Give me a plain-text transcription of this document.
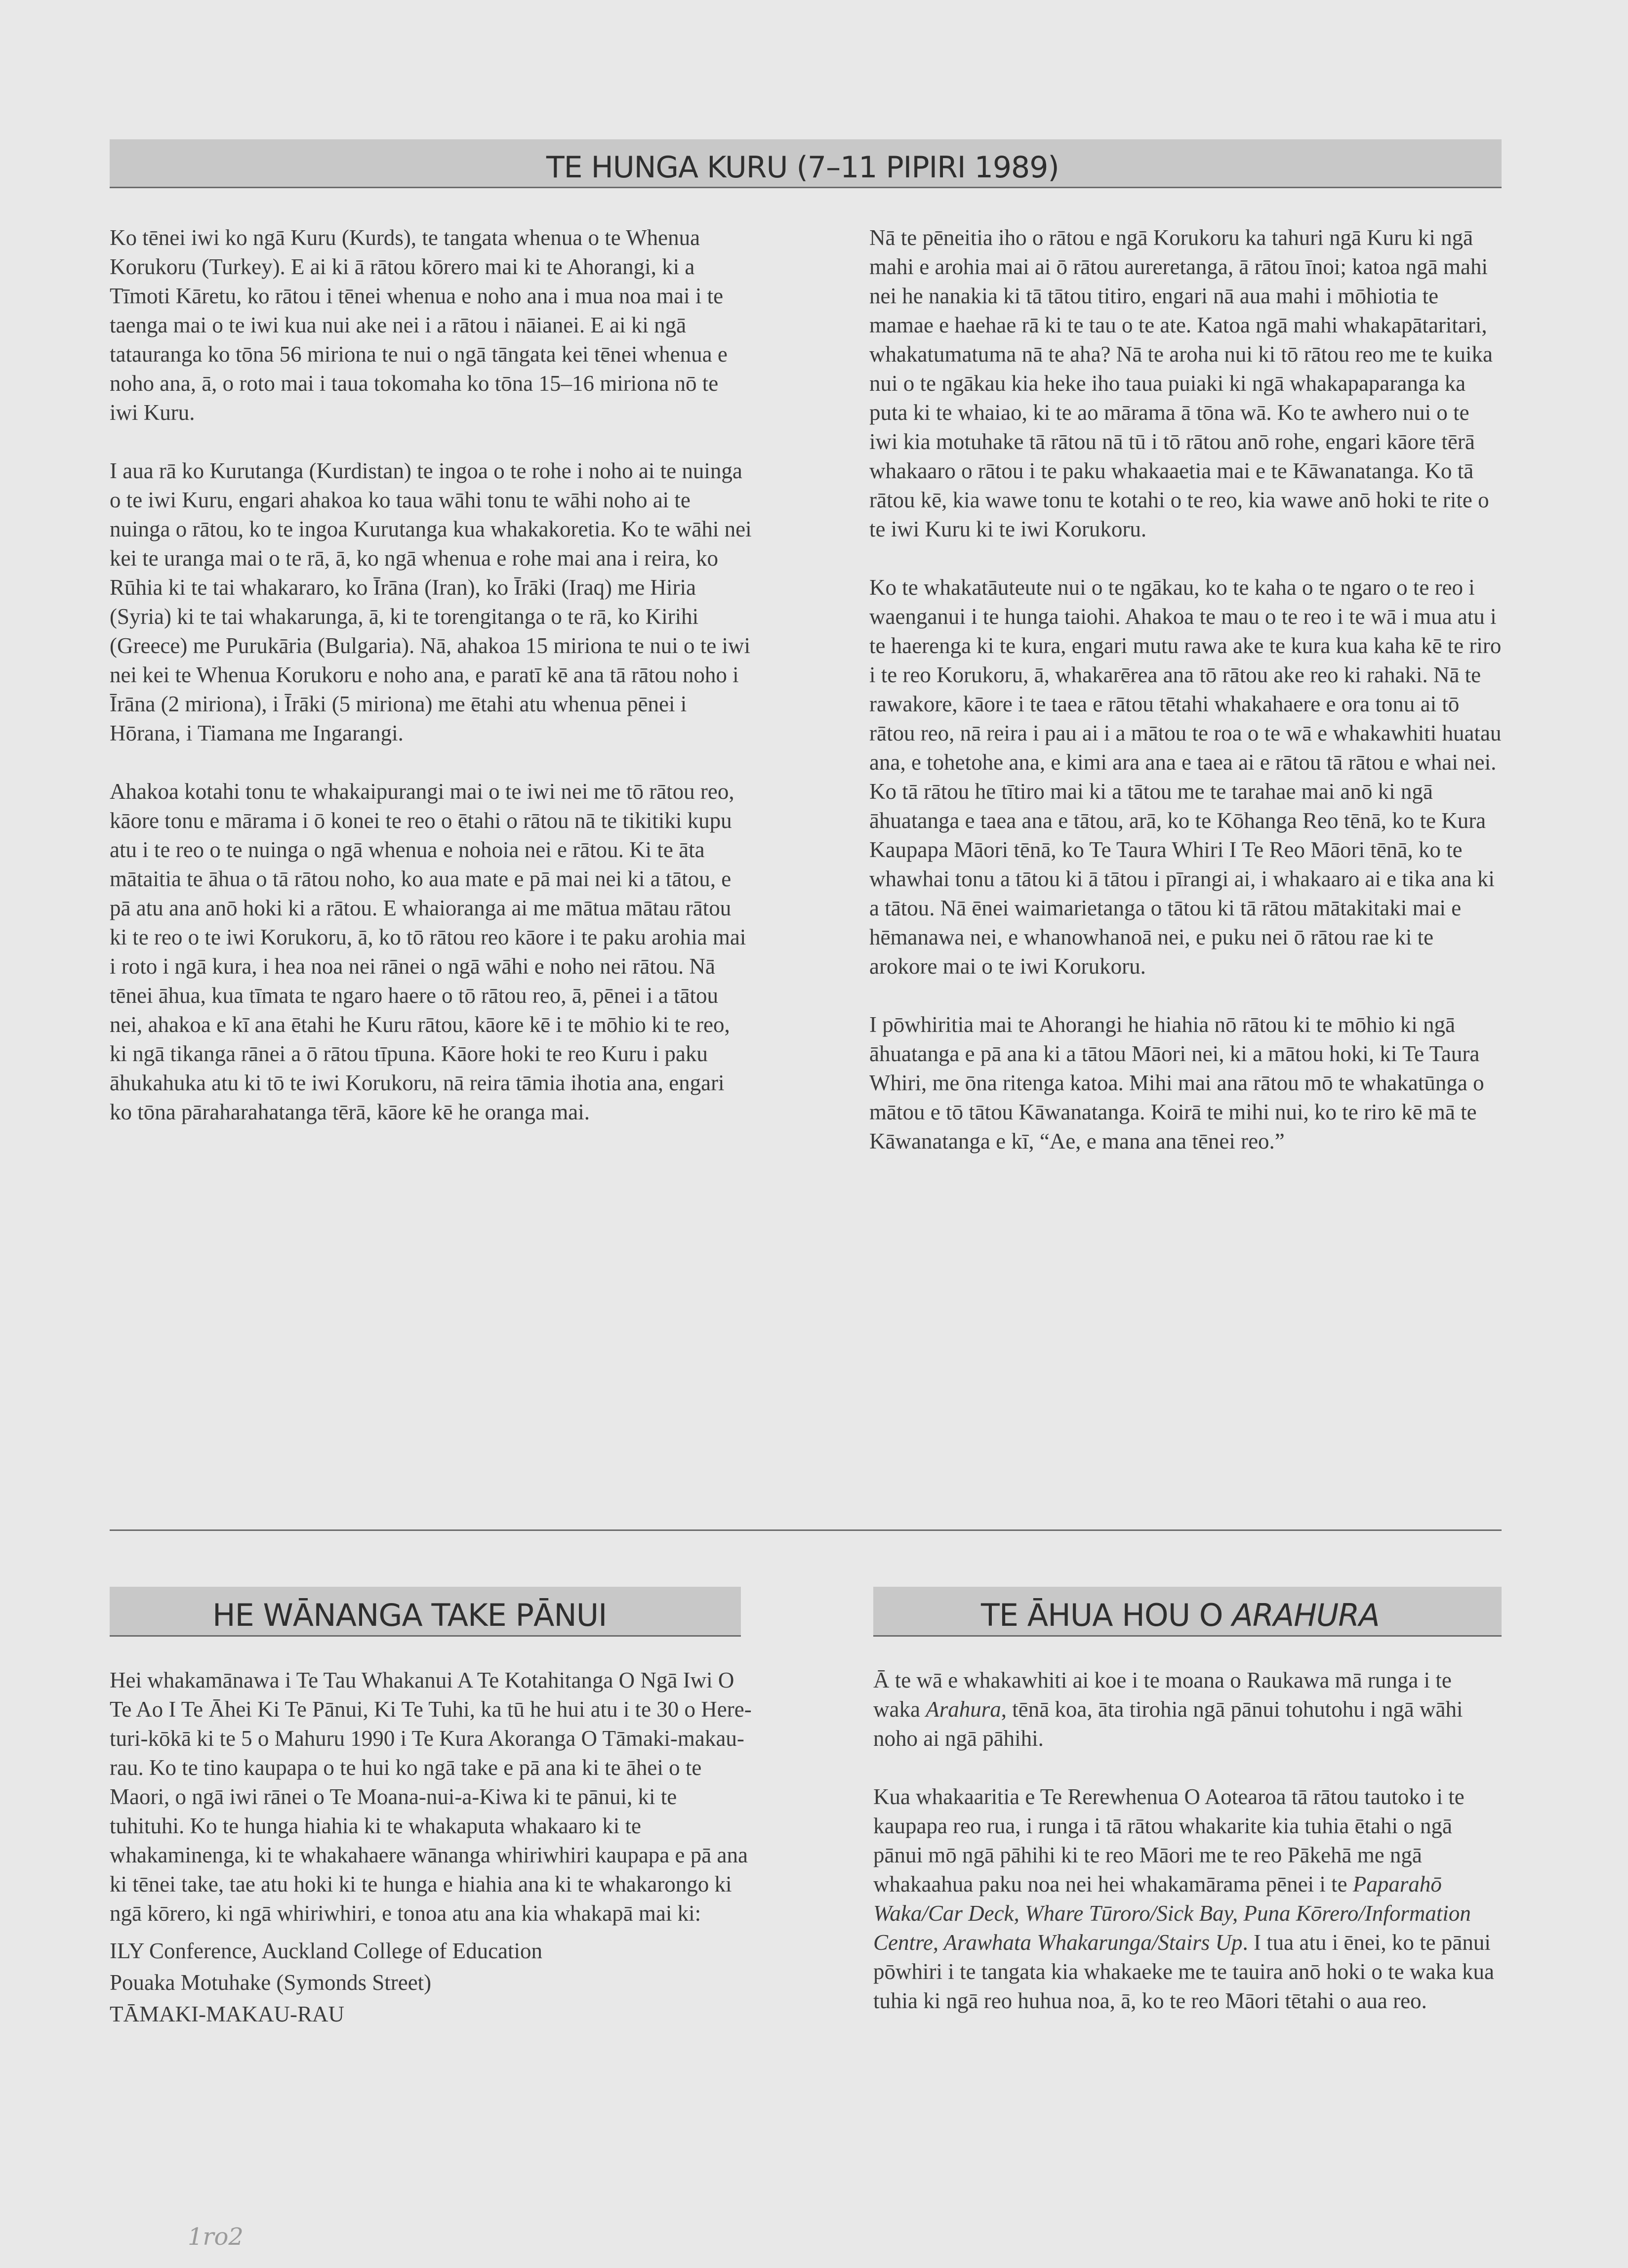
TE HUNGA KURU (7–11 PIPIRI 1989)

Ko tēnei iwi ko ngā Kuru (Kurds), te tangata whenua o te Whenua Korukoru (Turkey). E ai ki ā rātou kōrero mai ki te Ahorangi, ki a Tīmoti Kāretu, ko rātou i tēnei whenua e noho ana i mua noa mai i te taenga mai o te iwi kua nui ake nei i a rātou i nāianei. E ai ki ngā tatauranga ko tōna 56 miriona te nui o ngā tāngata kei tēnei whenua e noho ana, ā, o roto mai i taua tokomaha ko tōna 15–16 miriona nō te iwi Kuru.

I aua rā ko Kurutanga (Kurdistan) te ingoa o te rohe i noho ai te nuinga o te iwi Kuru, engari ahakoa ko taua wāhi tonu te wāhi noho ai te nuinga o rātou, ko te ingoa Kurutanga kua whakakoretia. Ko te wāhi nei kei te uranga mai o te rā, ā, ko ngā whenua e rohe mai ana i reira, ko Rūhia ki te tai whakararo, ko Īrāna (Iran), ko Īrāki (Iraq) me Hiria (Syria) ki te tai whakarunga, ā, ki te torengitanga o te rā, ko Kirihi (Greece) me Purukāria (Bulgaria). Nā, ahakoa 15 miriona te nui o te iwi nei kei te Whenua Korukoru e noho ana, e paratī kē ana tā rātou noho i Īrāna (2 miriona), i Īrāki (5 miriona) me ētahi atu whenua pēnei i Hōrana, i Tiamana me Ingarangi.

Ahakoa kotahi tonu te whakaipurangi mai o te iwi nei me tō rātou reo, kāore tonu e mārama i ō konei te reo o ētahi o rātou nā te tikitiki kupu atu i te reo o te nuinga o ngā whenua e nohoia nei e rātou. Ki te āta mātaitia te āhua o tā rātou noho, ko aua mate e pā mai nei ki a tātou, e pā atu ana anō hoki ki a rātou. E whaioranga ai me mātua mātau rātou ki te reo o te iwi Korukoru, ā, ko tō rātou reo kāore i te paku arohia mai i roto i ngā kura, i hea noa nei rānei o ngā wāhi e noho nei rātou. Nā tēnei āhua, kua tīmata te ngaro haere o tō rātou reo, ā, pēnei i a tātou nei, ahakoa e kī ana ētahi he Kuru rātou, kāore kē i te mōhio ki te reo, ki ngā tikanga rānei a ō rātou tīpuna. Kāore hoki te reo Kuru i paku āhukahuka atu ki tō te iwi Korukoru, nā reira tāmia ihotia ana, engari ko tōna pāraharahatanga tērā, kāore kē he oranga mai.

Nā te pēneitia iho o rātou e ngā Korukoru ka tahuri ngā Kuru ki ngā mahi e arohia mai ai ō rātou aureretanga, ā rātou īnoi; katoa ngā mahi nei he nanakia ki tā tātou titiro, engari nā aua mahi i mōhiotia te mamae e haehae rā ki te tau o te ate. Katoa ngā mahi whakapātaritari, whakatumatuma nā te aha? Nā te aroha nui ki tō rātou reo me te kuika nui o te ngākau kia heke iho taua puiaki ki ngā whakapaparanga ka puta ki te whaiao, ki te ao mārama ā tōna wā. Ko te awhero nui o te iwi kia motuhake tā rātou nā tū i tō rātou anō rohe, engari kāore tērā whakaaro o rātou i te paku whakaaetia mai e te Kāwanatanga. Ko tā rātou kē, kia wawe tonu te kotahi o te reo, kia wawe anō hoki te rite o te iwi Kuru ki te iwi Korukoru.

Ko te whakatāuteute nui o te ngākau, ko te kaha o te ngaro o te reo i waenganui i te hunga taiohi. Ahakoa te mau o te reo i te wā i mua atu i te haerenga ki te kura, engari mutu rawa ake te kura kua kaha kē te riro i te reo Korukoru, ā, whakarērea ana tō rātou ake reo ki rahaki. Nā te rawakore, kāore i te taea e rātou tētahi whakahaere e ora tonu ai tō rātou reo, nā reira i pau ai i a mātou te roa o te wā e whakawhiti huatau ana, e tohetohe ana, e kimi ara ana e taea ai e rātou tā rātou e whai nei. Ko tā rātou he tītiro mai ki a tātou me te tarahae mai anō ki ngā āhuatanga e taea ana e tātou, arā, ko te Kōhanga Reo tēnā, ko te Kura Kaupapa Māori tēnā, ko Te Taura Whiri I Te Reo Māori tēnā, ko te whawhai tonu a tātou ki ā tātou i pīrangi ai, i whakaaro ai e tika ana ki a tātou. Nā ēnei waimarietanga o tātou ki tā rātou mātakitaki mai e hēmanawa nei, e whanowhanoā nei, e puku nei ō rātou rae ki te arokore mai o te iwi Korukoru.

I pōwhiritia mai te Ahorangi he hiahia nō rātou ki te mōhio ki ngā āhuatanga e pā ana ki a tātou Māori nei, ki a mātou hoki, ki Te Taura Whiri, me ōna ritenga katoa. Mihi mai ana rātou mō te whakatūnga o mātou e tō tātou Kāwanatanga. Koirā te mihi nui, ko te riro kē mā te Kāwanatanga e kī, “Ae, e mana ana tēnei reo.”

HE WĀNANGA TAKE PĀNUI

Hei whakamānawa i Te Tau Whakanui A Te Kotahitanga O Ngā Iwi O Te Ao I Te Āhei Ki Te Pānui, Ki Te Tuhi, ka tū he hui atu i te 30 o Here-turi-kōkā ki te 5 o Mahuru 1990 i Te Kura Akoranga O Tāmaki-makau-rau. Ko te tino kaupapa o te hui ko ngā take e pā ana ki te āhei o te Maori, o ngā iwi rānei o Te Moana-nui-a-Kiwa ki te pānui, ki te tuhituhi. Ko te hunga hiahia ki te whakaputa whakaaro ki te whakaminenga, ki te whakahaere wānanga whiriwhiri kaupapa e pā ana ki tēnei take, tae atu hoki ki te hunga e hiahia ana ki te whakarongo ki ngā kōrero, ki ngā whiriwhiri, e tonoa atu ana kia whakapā mai ki:

ILY Conference, Auckland College of Education
Pouaka Motuhake (Symonds Street)
TĀMAKI-MAKAU-RAU
TE ĀHUA HOU O ARAHURA

Ā te wā e whakawhiti ai koe i te moana o Raukawa mā runga i te waka Arahura, tēnā koa, āta tirohia ngā pānui tohutohu i ngā wāhi noho ai ngā pāhihi.

Kua whakaaritia e Te Rerewhenua O Aotearoa tā rātou tautoko i te kaupapa reo rua, i runga i tā rātou whakarite kia tuhia ētahi o ngā pānui mō ngā pāhihi ki te reo Māori me te reo Pākehā me ngā whakaahua paku noa nei hei whakamārama pēnei i te Paparahō Waka/Car Deck, Whare Tūroro/Sick Bay, Puna Kōrero/Information Centre, Arawhata Whakarunga/Stairs Up. I tua atu i ēnei, ko te pānui pōwhiri i te tangata kia whakaeke me te tauira anō hoki o te waka kua tuhia ki ngā reo huhua noa, ā, ko te reo Māori tētahi o aua reo.

1ro2
